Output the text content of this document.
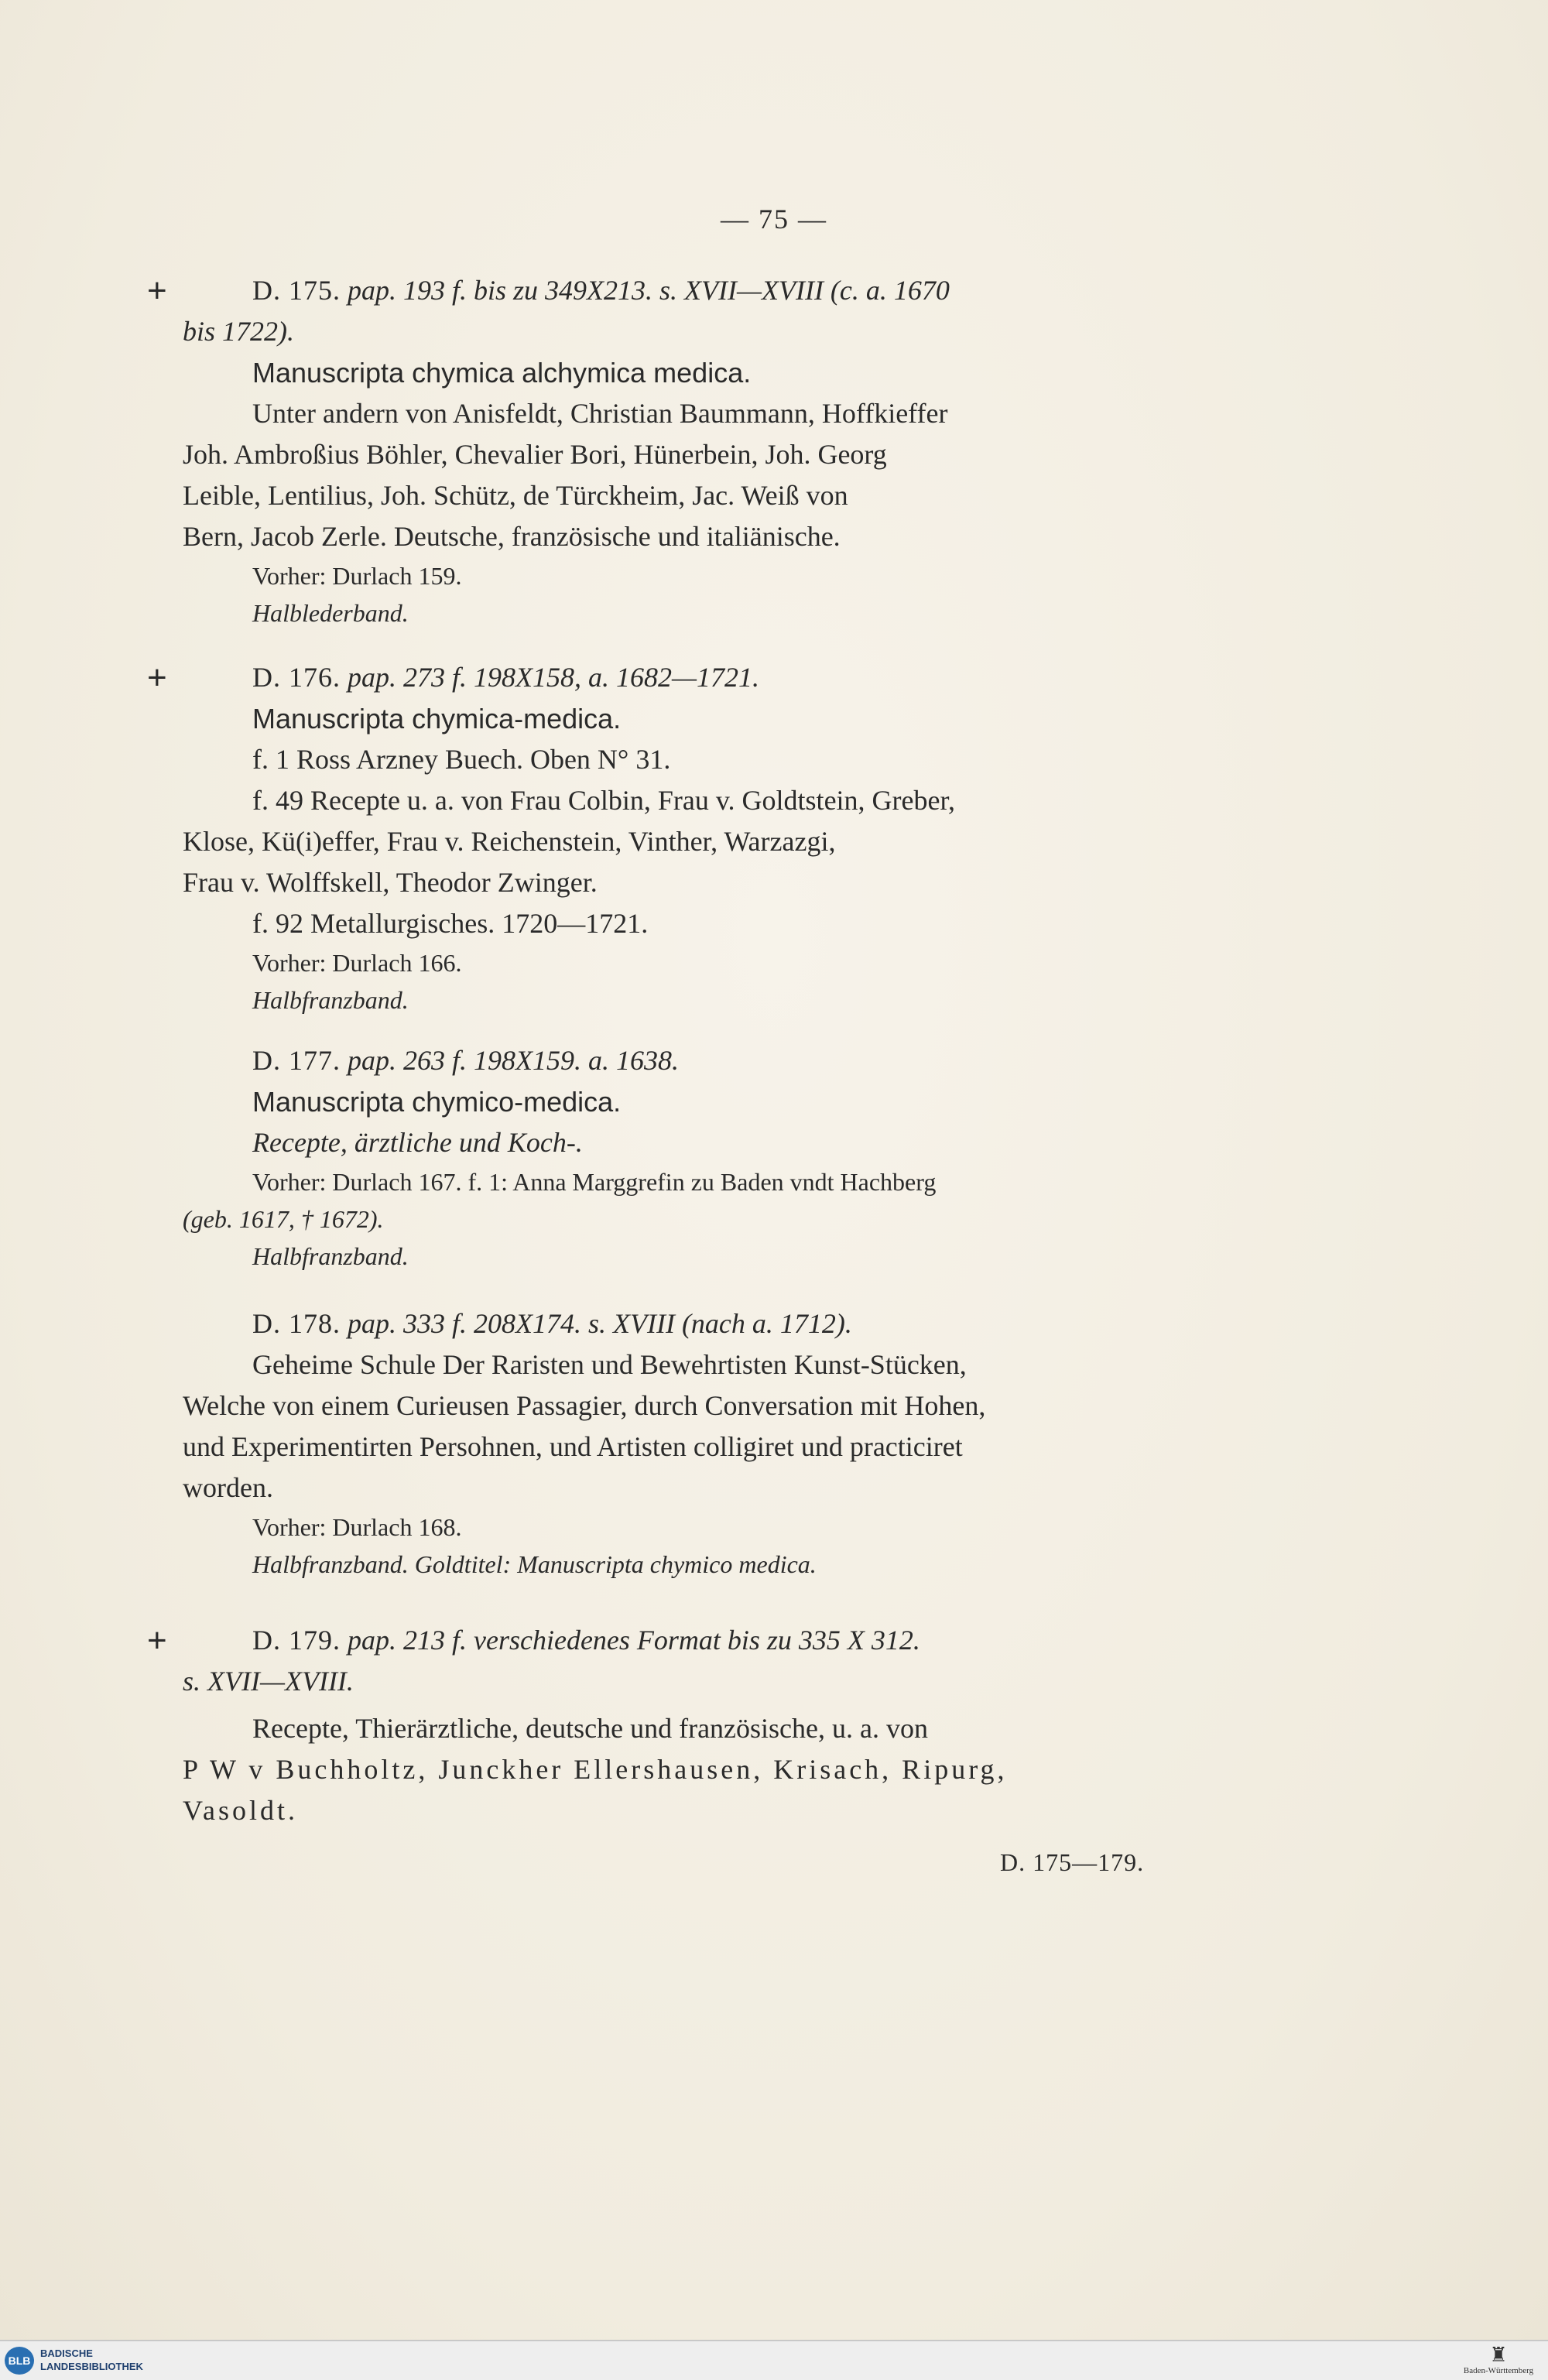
— 75 —
+	D. 175. pap. 193 f. bis zu 349X213. s. XVII—XVIII (c. a. 1670
bis 1722).
Manuscripta chymica alchymica medica.
Unter andern von Anisfeldt, Christian Baummann, Hoffkieffer
Joh. Ambroßius Böhler, Chevalier Bori, Hünerbein, Joh. Georg
Leible, Lentilius, Joh. Schütz, de Türckheim, Jac. Weiß von
Bern, Jacob Zerle. Deutsche, französische und italiänische.
Vorher: Durlach 159.
Halblederband.
+	D. 176. pap. 273 f. 198X158, a. 1682—1721.
Manuscripta chymica-medica.
f. 1 Ross Arzney Buech. Oben N° 31.
f. 49 Recepte u. a. von Frau Colbin, Frau v. Goldtstein, Greber,
Klose, Kü(i)effer, Frau v. Reichenstein, Vinther, Warzazgi,
Frau v. Wolffskell, Theodor Zwinger.
f. 92 Metallurgisches. 1720—1721.
Vorher: Durlach 166.
Halbfranzband.
D. 177. pap. 263 f. 198X159. a. 1638.
Manuscripta chymico-medica.
Recepte, ärztliche und Koch-.
Vorher: Durlach 167. f. 1: Anna Marggrefin zu Baden vndt Hachberg
(geb. 1617, † 1672).
Halbfranzband.
D. 178. pap. 333 f. 208X174. s. XVIII (nach a. 1712).
Geheime Schule Der Raristen und Bewehrtisten Kunst-Stücken,
Welche von einem Curieusen Passagier, durch Conversation mit Hohen,
und Experimentirten Persohnen, und Artisten colligiret und practiciret
worden.
Vorher: Durlach 168.
Halbfranzband. Goldtitel: Manuscripta chymico medica.
+	D. 179. pap. 213 f. verschiedenes Format bis zu 335 X 312.
s. XVII—XVIII.
Recepte, Thierärztliche, deutsche und französische, u. a. von
P W v Buchholtz, Junckher Ellershausen, Krisach, Ripurg,
Vasoldt.
D. 175—179.
BLB
BADISCHE
LANDESBIBLIOTHEK
♜
Baden-Württemberg
